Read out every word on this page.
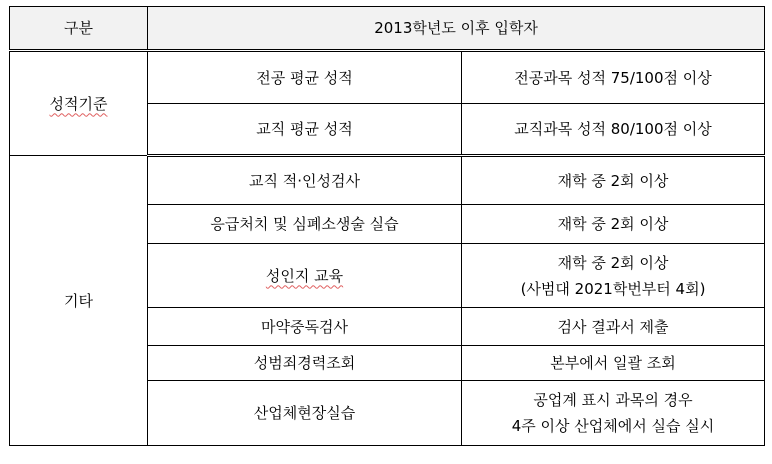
구분	2013학년도 이후 입학자	
성적기준	전공 평균 성적	전공과목 성적 75/100점 이상
	교직 평균 성적	교직과목 성적 80/100점 이상
기타	교직 적·인성검사	재학 중 2회 이상
	응급처치 및 심폐소생술 실습	재학 중 2회 이상
	성인지 교육	재학 중 2회 이상
(사범대 2021학번부터 4회)

	마약중독검사	검사 결과서 제출
	성범죄경력조회	본부에서 일괄 조회
	산업체현장실습	공업계 표시 과목의 경우
4주 이상 산업체에서 실습 실시
